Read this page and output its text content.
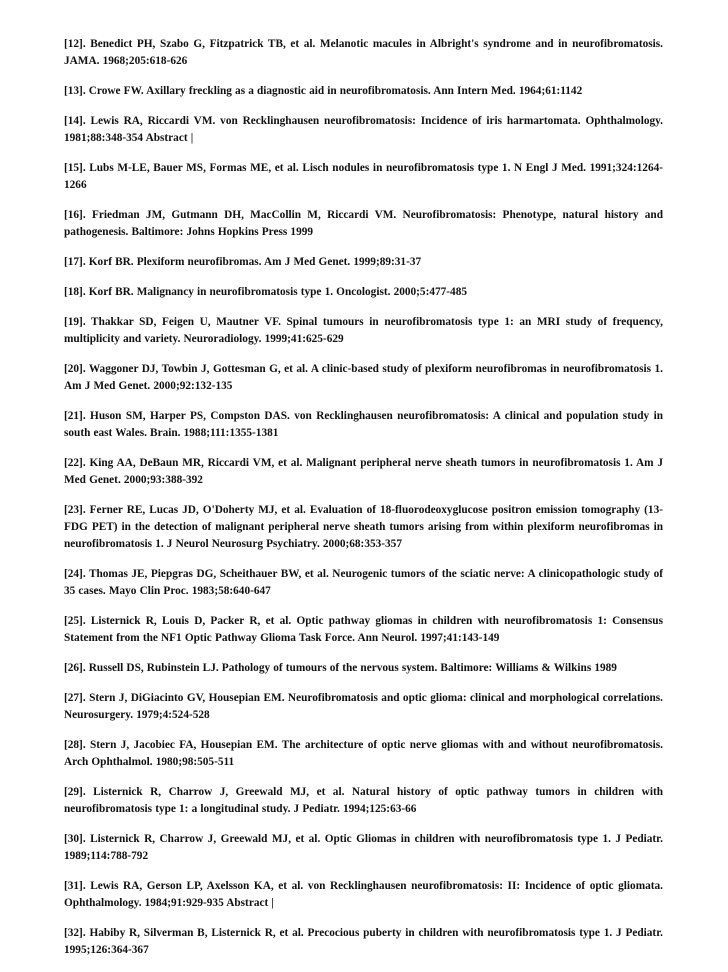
[12]. Benedict PH, Szabo G, Fitzpatrick TB, et al. Melanotic macules in Albright's syndrome and in neurofibromatosis. JAMA. 1968;205:618-626

[13]. Crowe FW. Axillary freckling as a diagnostic aid in neurofibromatosis. Ann Intern Med. 1964;61:1142

[14]. Lewis RA, Riccardi VM. von Recklinghausen neurofibromatosis: Incidence of iris harmartomata. Ophthalmology. 1981;88:348-354 Abstract |

[15]. Lubs M-LE, Bauer MS, Formas ME, et al. Lisch nodules in neurofibromatosis type 1. N Engl J Med. 1991;324:1264-1266

[16]. Friedman JM, Gutmann DH, MacCollin M, Riccardi VM. Neurofibromatosis: Phenotype, natural history and pathogenesis. Baltimore: Johns Hopkins Press 1999

[17]. Korf BR. Plexiform neurofibromas. Am J Med Genet. 1999;89:31-37

[18]. Korf BR. Malignancy in neurofibromatosis type 1. Oncologist. 2000;5:477-485

[19]. Thakkar SD, Feigen U, Mautner VF. Spinal tumours in neurofibromatosis type 1: an MRI study of frequency, multiplicity and variety. Neuroradiology. 1999;41:625-629

[20]. Waggoner DJ, Towbin J, Gottesman G, et al. A clinic-based study of plexiform neurofibromas in neurofibromatosis 1. Am J Med Genet. 2000;92:132-135

[21]. Huson SM, Harper PS, Compston DAS. von Recklinghausen neurofibromatosis: A clinical and population study in south east Wales. Brain. 1988;111:1355-1381

[22]. King AA, DeBaun MR, Riccardi VM, et al. Malignant peripheral nerve sheath tumors in neurofibromatosis 1. Am J Med Genet. 2000;93:388-392

[23]. Ferner RE, Lucas JD, O'Doherty MJ, et al. Evaluation of 18-fluorodeoxyglucose positron emission tomography (13-FDG PET) in the detection of malignant peripheral nerve sheath tumors arising from within plexiform neurofibromas in neurofibromatosis 1. J Neurol Neurosurg Psychiatry. 2000;68:353-357

[24]. Thomas JE, Piepgras DG, Scheithauer BW, et al. Neurogenic tumors of the sciatic nerve: A clinicopathologic study of 35 cases. Mayo Clin Proc. 1983;58:640-647

[25]. Listernick R, Louis D, Packer R, et al. Optic pathway gliomas in children with neurofibromatosis 1: Consensus Statement from the NF1 Optic Pathway Glioma Task Force. Ann Neurol. 1997;41:143-149

[26]. Russell DS, Rubinstein LJ. Pathology of tumours of the nervous system. Baltimore: Williams & Wilkins 1989

[27]. Stern J, DiGiacinto GV, Housepian EM. Neurofibromatosis and optic glioma: clinical and morphological correlations. Neurosurgery. 1979;4:524-528

[28]. Stern J, Jacobiec FA, Housepian EM. The architecture of optic nerve gliomas with and without neurofibromatosis. Arch Ophthalmol. 1980;98:505-511

[29]. Listernick R, Charrow J, Greewald MJ, et al. Natural history of optic pathway tumors in children with neurofibromatosis type 1: a longitudinal study. J Pediatr. 1994;125:63-66

[30]. Listernick R, Charrow J, Greewald MJ, et al. Optic Gliomas in children with neurofibromatosis type 1. J Pediatr. 1989;114:788-792

[31]. Lewis RA, Gerson LP, Axelsson KA, et al. von Recklinghausen neurofibromatosis: II: Incidence of optic gliomata. Ophthalmology. 1984;91:929-935 Abstract |

[32]. Habiby R, Silverman B, Listernick R, et al. Precocious puberty in children with neurofibromatosis type 1. J Pediatr. 1995;126:364-367
